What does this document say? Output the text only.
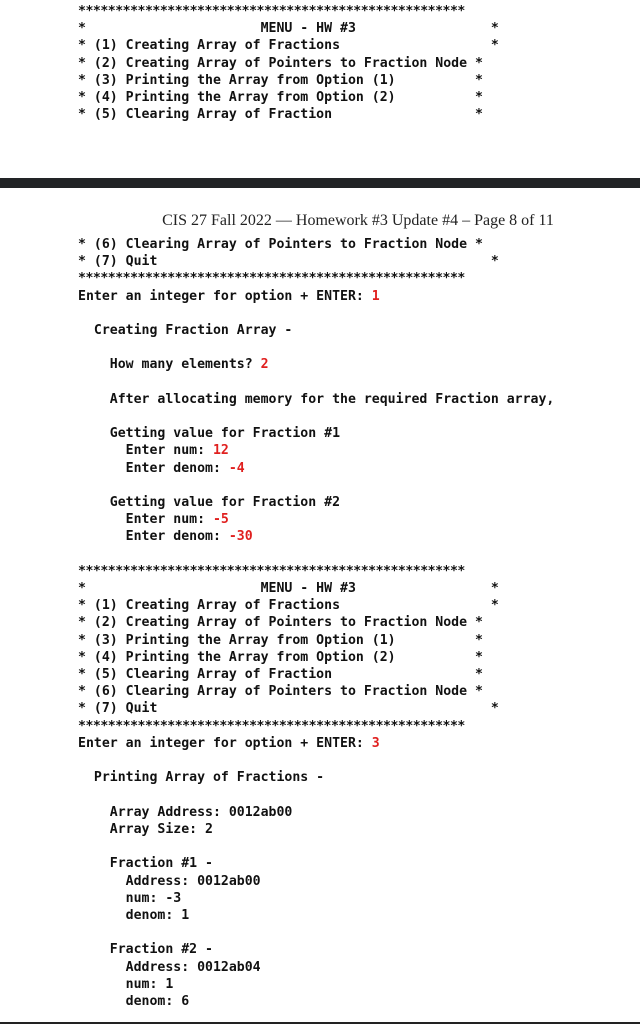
****************************************************
*                      MENU - HW #3                 *
* (1) Creating Array of Fractions                   *
* (2) Creating Array of Pointers to Fraction Node *
* (3) Printing the Array from Option (1)          *
* (4) Printing the Array from Option (2)          *
* (5) Clearing Array of Fraction                  *
CIS 27 Fall 2022 — Homework #3 Update #4 – Page 8 of 11
* (6) Clearing Array of Pointers to Fraction Node *
* (7) Quit                                          *
****************************************************
Enter an integer for option + ENTER: 1

Creating Fraction Array -

How many elements? 2

After allocating memory for the required Fraction array,

Getting value for Fraction #1
Enter num: 12
Enter denom: -4

Getting value for Fraction #2
Enter num: -5
Enter denom: -30

****************************************************
*                      MENU - HW #3                 *
* (1) Creating Array of Fractions                   *
* (2) Creating Array of Pointers to Fraction Node *
* (3) Printing the Array from Option (1)          *
* (4) Printing the Array from Option (2)          *
* (5) Clearing Array of Fraction                  *
* (6) Clearing Array of Pointers to Fraction Node *
* (7) Quit                                          *
****************************************************
Enter an integer for option + ENTER: 3

Printing Array of Fractions -

Array Address: 0012ab00
Array Size: 2

Fraction #1 -
Address: 0012ab00
num: -3
denom: 1

Fraction #2 -
Address: 0012ab04
num: 1
denom: 6
